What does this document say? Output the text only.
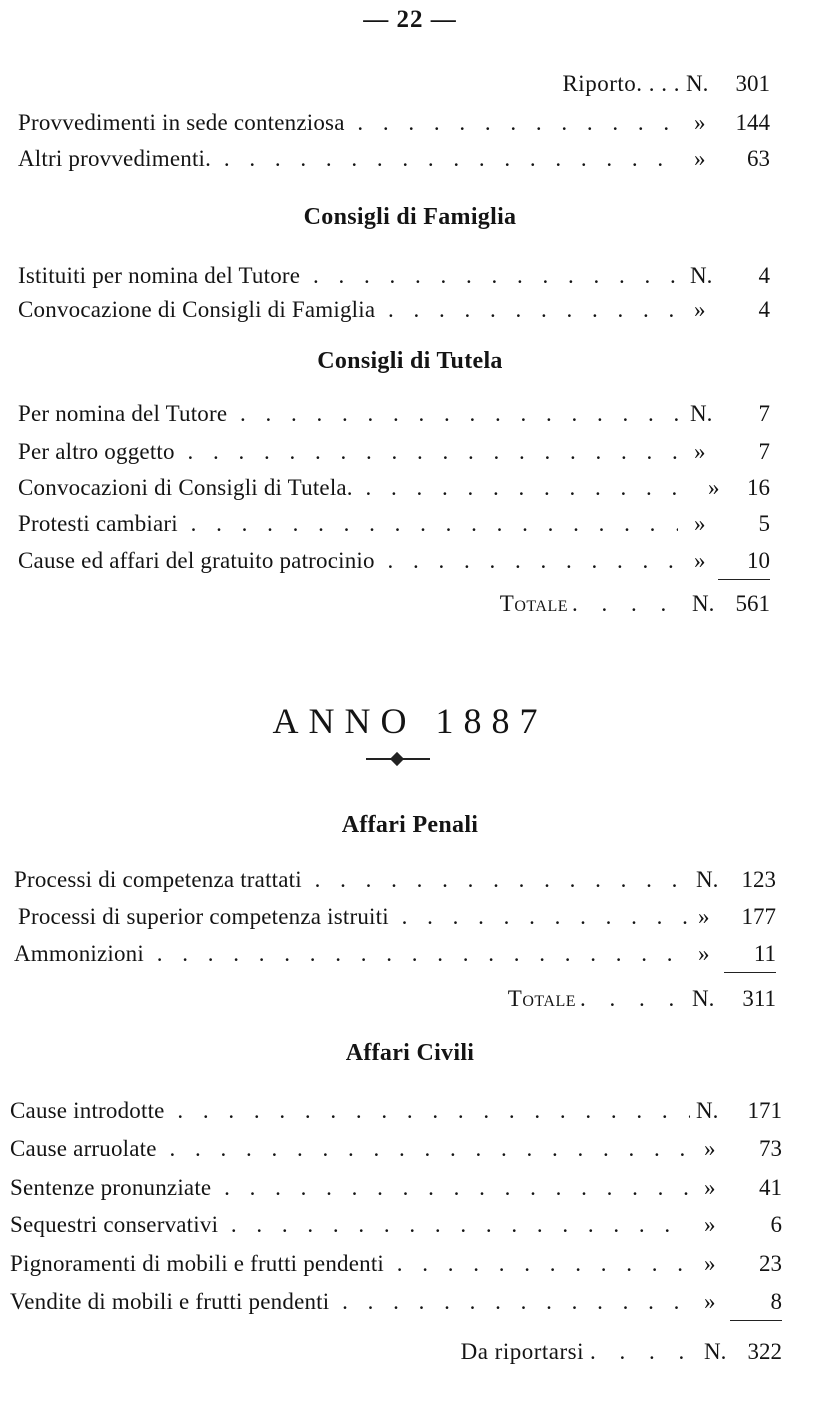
— 22 —
Riporto. . . . N. 301
Provvedimenti in sede contenziosa . . .	» 144
Altri provvedimenti. . . .	» 63
Consigli di Famiglia
Istituiti per nomina del Tutore . . .	N. 4
Convocazione di Consigli di Famiglia . . .	» 4
Consigli di Tutela
Per nomina del Tutore . . .	N. 7
Per altro oggetto . . .	» 7
Convocazioni di Consigli di Tutela. . . .	» 16
Protesti cambiari . . .	» 5
Cause ed affari del gratuito patrocinio . . .	»	10
Totale . . . . N. 561
ANNO 1887
Affari Penali
Processi di competenza trattati . . .	N. 123
Processi di superior competenza istruiti . . .	» 177
Ammonizioni . . .	»	11
Totale . . . . N. 311
Affari Civili
Cause introdotte . . .	N. 171
Cause arruolate . . .	» 73
Sentenze pronunziate . . .	» 41
Sequestri conservativi . . .	» 6
Pignoramenti di mobili e frutti pendenti . . .	» 23
Vendite di mobili e frutti pendenti . . .	»	8
Da riportarsi . . . . N. 322
